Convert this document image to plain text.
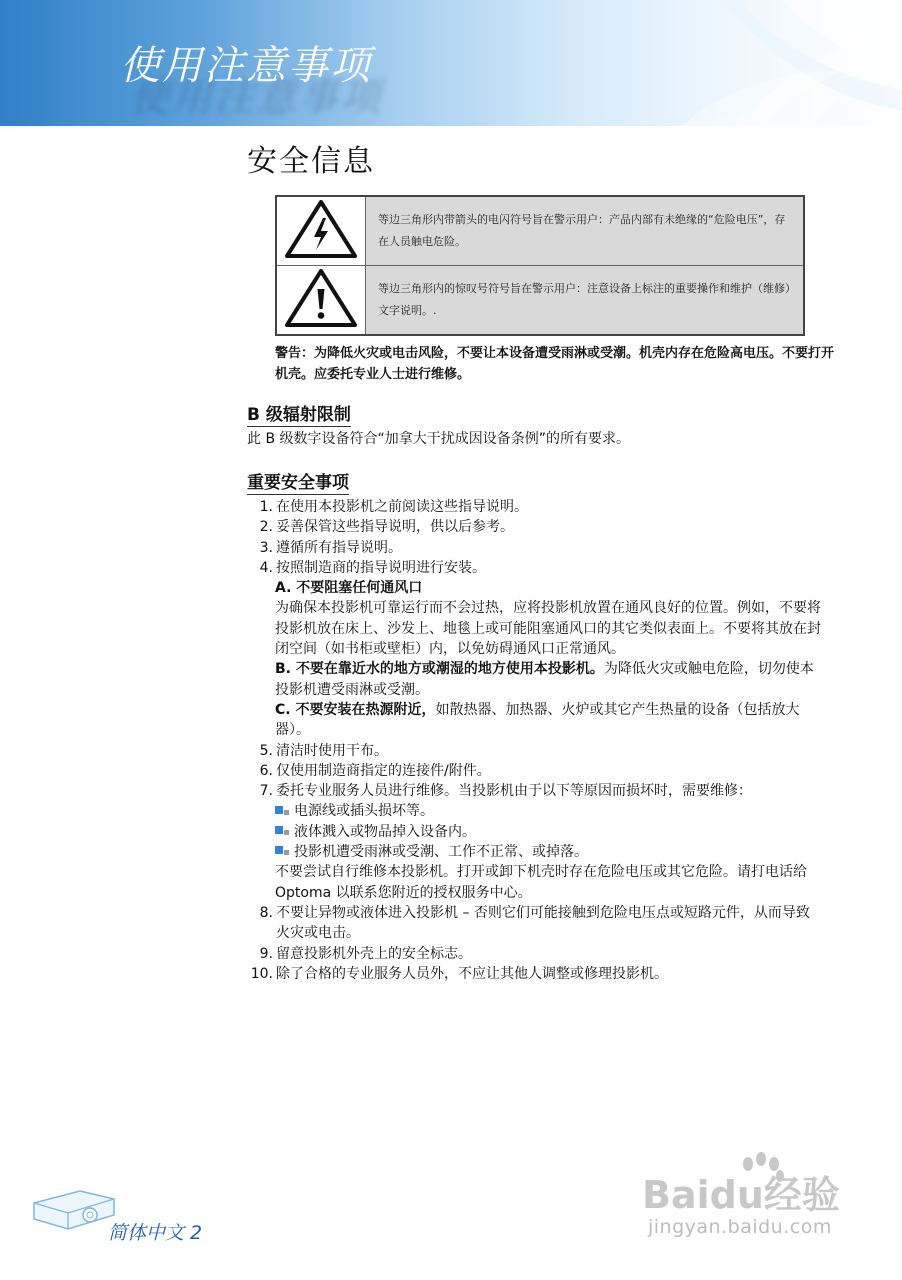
使用注意事项
使用注意事项
安全信息
	等边三角形内带箭头的电闪符号旨在警示用户：产品内部有未绝缘的“危险电压”，存在人员触电危险。
	等边三角形内的惊叹号符号旨在警示用户：注意设备上标注的重要操作和维护（维修）文字说明。.
警告：为降低火灾或电击风险，不要让本设备遭受雨淋或受潮。机壳内存在危险高电压。不要打开机壳。应委托专业人士进行维修。
B 级辐射限制
此 B 级数字设备符合“加拿大干扰成因设备条例”的所有要求。
重要安全事项
1. 在使用本投影机之前阅读这些指导说明。
2. 妥善保管这些指导说明，供以后参考。
3. 遵循所有指导说明。
4. 按照制造商的指导说明进行安装。
A. 不要阻塞任何通风口
为确保本投影机可靠运行而不会过热，应将投影机放置在通风良好的位置。例如，不要将投影机放在床上、沙发上、地毯上或可能阻塞通风口的其它类似表面上。不要将其放在封闭空间（如书柜或壁柜）内，以免妨碍通风口正常通风。
B. 不要在靠近水的地方或潮湿的地方使用本投影机。为降低火灾或触电危险，切勿使本投影机遭受雨淋或受潮。
C. 不要安装在热源附近，如散热器、加热器、火炉或其它产生热量的设备（包括放大器）。
5. 清洁时使用干布。
6. 仅使用制造商指定的连接件/附件。
7. 委托专业服务人员进行维修。当投影机由于以下等原因而损坏时，需要维修：
电源线或插头损坏等。
液体溅入或物品掉入设备内。
投影机遭受雨淋或受潮、工作不正常、或掉落。
不要尝试自行维修本投影机。打开或卸下机壳时存在危险电压或其它危险。请打电话给 Optoma 以联系您附近的授权服务中心。
8. 不要让异物或液体进入投影机 – 否则它们可能接触到危险电压点或短路元件，从而导致火灾或电击。
9. 留意投影机外壳上的安全标志。
10. 除了合格的专业服务人员外，不应让其他人调整或修理投影机。
简体中文 2
Baidu经验
jingyan.baidu.com
